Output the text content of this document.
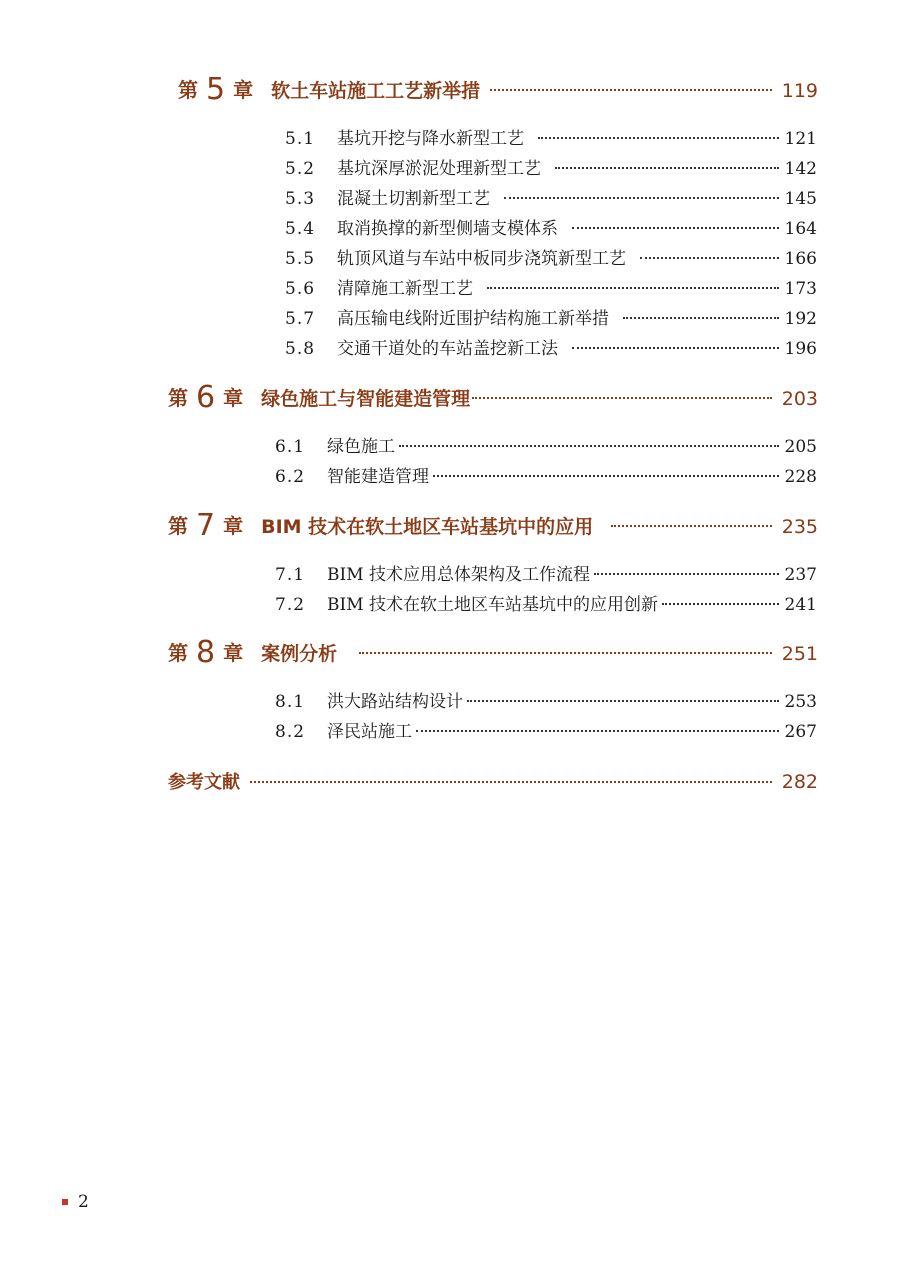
第 5 章 软土车站施工工艺新举措	119
5.1	基坑开挖与降水新型工艺	121
5.2	基坑深厚淤泥处理新型工艺	142
5.3	混凝土切割新型工艺	145
5.4	取消换撑的新型侧墙支模体系	164
5.5	轨顶风道与车站中板同步浇筑新型工艺	166
5.6	清障施工新型工艺	173
5.7	高压输电线附近围护结构施工新举措	192
5.8	交通干道处的车站盖挖新工法	196
第 6 章 绿色施工与智能建造管理	203
6.1	绿色施工	205
6.2	智能建造管理	228
第 7 章 BIM 技术在软土地区车站基坑中的应用	235
7.1	BIM 技术应用总体架构及工作流程	237
7.2	BIM 技术在软土地区车站基坑中的应用创新	241
第 8 章 案例分析	251
8.1	洪大路站结构设计	253
8.2	泽民站施工	267
参考文献	282
2
